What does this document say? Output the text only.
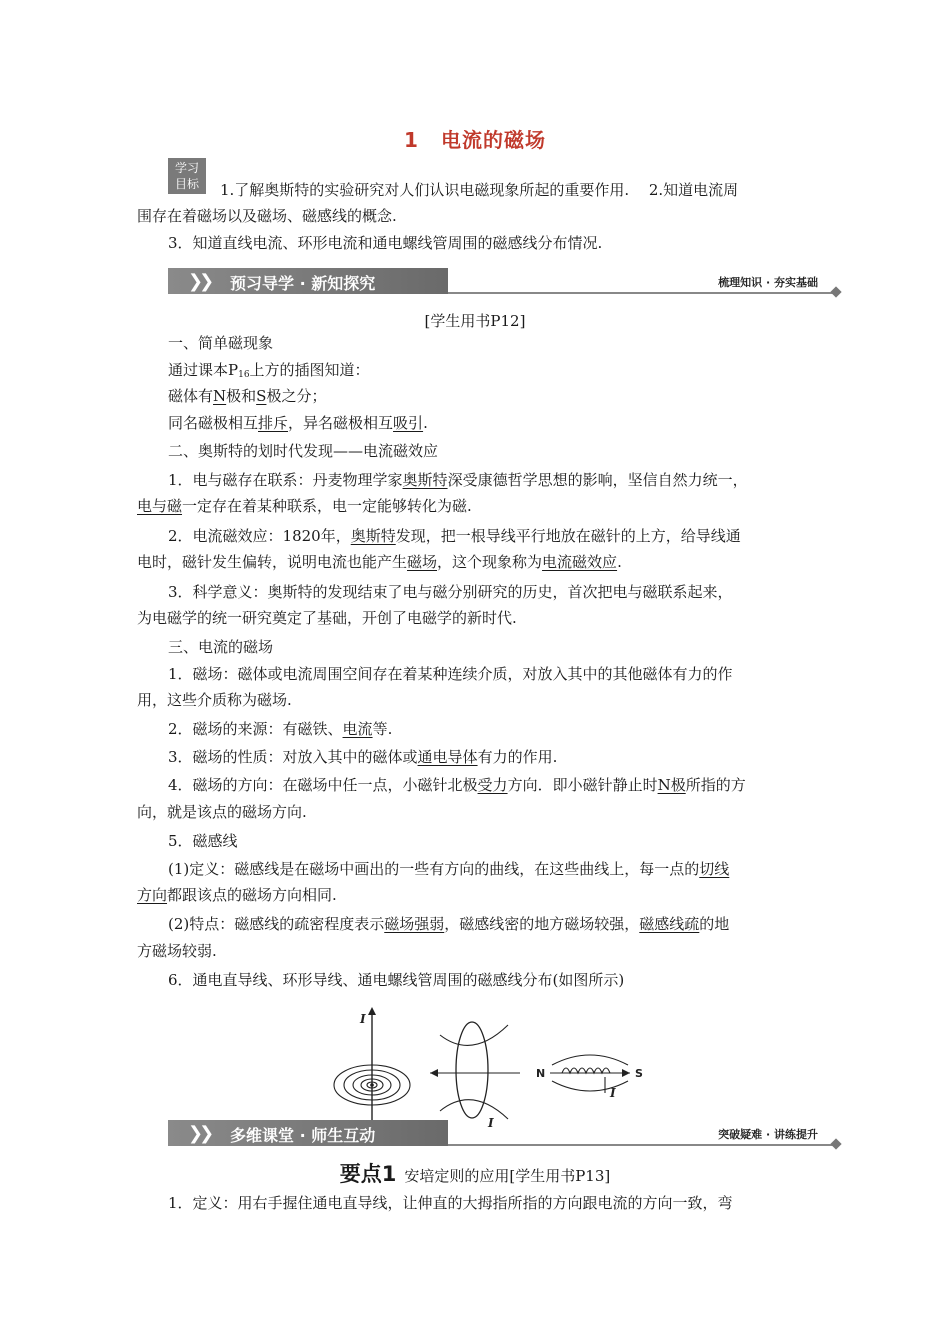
1 电流的磁场
学习
目标	1.了解奥斯特的实验研究对人们认识电磁现象所起的重要作用.　 2.知道电流周
围存在着磁场以及磁场、磁感线的概念.
3．知道直线电流、环形电流和通电螺线管周围的磁感线分布情况.
❯❯ 预习导学 · 新知探究	梳理知识 · 夯实基础
[学生用书P12]
一、简单磁现象
通过课本$P_{16}$上方的插图知道：
磁体有N极和S极之分；
同名磁极相互排斥，异名磁极相互吸引.
二、奥斯特的划时代发现——电流磁效应
1．电与磁存在联系：丹麦物理学家奥斯特深受康德哲学思想的影响，坚信自然力统一，
电与磁一定存在着某种联系，电一定能够转化为磁.
2．电流磁效应：1820年，奥斯特发现，把一根导线平行地放在磁针的上方，给导线通
电时，磁针发生偏转，说明电流也能产生磁场，这个现象称为电流磁效应.
3．科学意义：奥斯特的发现结束了电与磁分别研究的历史，首次把电与磁联系起来，
为电磁学的统一研究奠定了基础，开创了电磁学的新时代.
三、电流的磁场
1．磁场：磁体或电流周围空间存在着某种连续介质，对放入其中的其他磁体有力的作
用，这些介质称为磁场.
2．磁场的来源：有磁铁、电流等.
3．磁场的性质：对放入其中的磁体或通电导体有力的作用.
4．磁场的方向：在磁场中任一点，小磁针北极受力方向．即小磁针静止时N极所指的方
向，就是该点的磁场方向.
5．磁感线
(1)定义：磁感线是在磁场中画出的一些有方向的曲线，在这些曲线上，每一点的切线
方向都跟该点的磁场方向相同.
(2)特点：磁感线的疏密程度表示磁场强弱，磁感线密的地方磁场较强，磁感线疏的地
方磁场较弱.
6．通电直导线、环形导线、通电螺线管周围的磁感线分布(如图所示)
I
I
I
N	S
❯❯ 多维课堂 · 师生互动	突破疑难 · 讲练提升
要点1 安培定则的应用[学生用书P13]
1．定义：用右手握住通电直导线，让伸直的大拇指所指的方向跟电流的方向一致，弯
